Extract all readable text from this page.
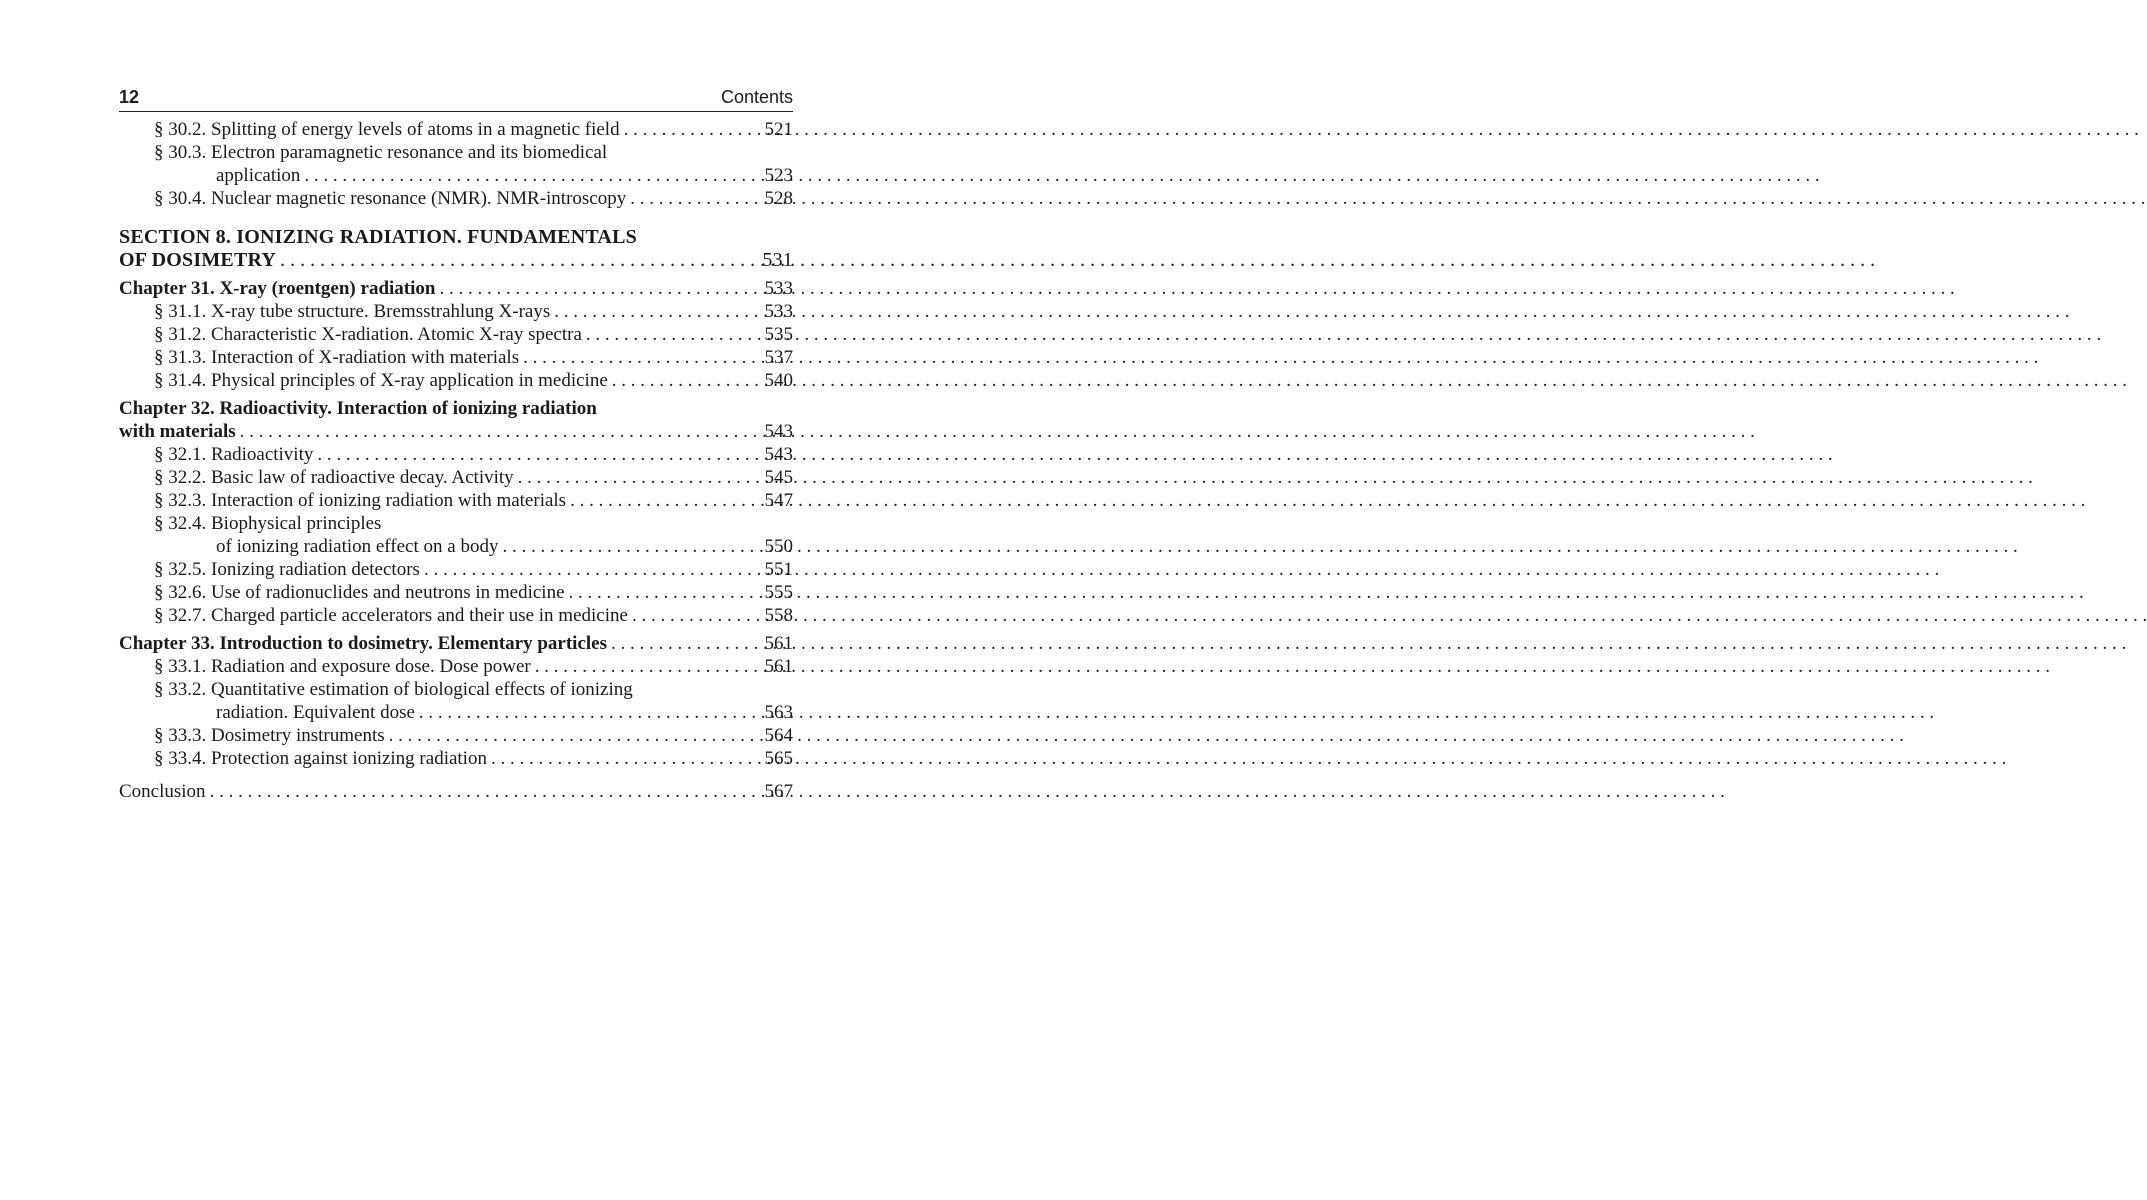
12	Contents
§ 30.2. Splitting of energy levels of atoms in a magnetic field . . .	521
§ 30.3. Electron paramagnetic resonance and its biomedical
application . . .	523
§ 30.4. Nuclear magnetic resonance (NMR). NMR-introscopy . . .	528
SECTION 8. IONIZING RADIATION. FUNDAMENTALS
OF DOSIMETRY . . .	531
Chapter 31. X-ray (roentgen) radiation . . .	533
§ 31.1. X-ray tube structure. Bremsstrahlung X-rays . . .	533
§ 31.2. Characteristic X-radiation. Atomic X-ray spectra . . .	535
§ 31.3. Interaction of X-radiation with materials . . .	537
§ 31.4. Physical principles of X-ray application in medicine . . .	540
Chapter 32. Radioactivity. Interaction of ionizing radiation
with materials . . .	543
§ 32.1. Radioactivity . . .	543
§ 32.2. Basic law of radioactive decay. Activity . . .	545
§ 32.3. Interaction of ionizing radiation with materials . . .	547
§ 32.4. Biophysical principles
of ionizing radiation effect on a body . . .	550
§ 32.5. Ionizing radiation detectors . . .	551
§ 32.6. Use of radionuclides and neutrons in medicine . . .	555
§ 32.7. Charged particle accelerators and their use in medicine . . .	558
Chapter 33. Introduction to dosimetry. Elementary particles . . .	561
§ 33.1. Radiation and exposure dose. Dose power . . .	561
§ 33.2. Quantitative estimation of biological effects of ionizing
radiation. Equivalent dose . . .	563
§ 33.3. Dosimetry instruments . . .	564
§ 33.4. Protection against ionizing radiation . . .	565
Conclusion . . .	567
